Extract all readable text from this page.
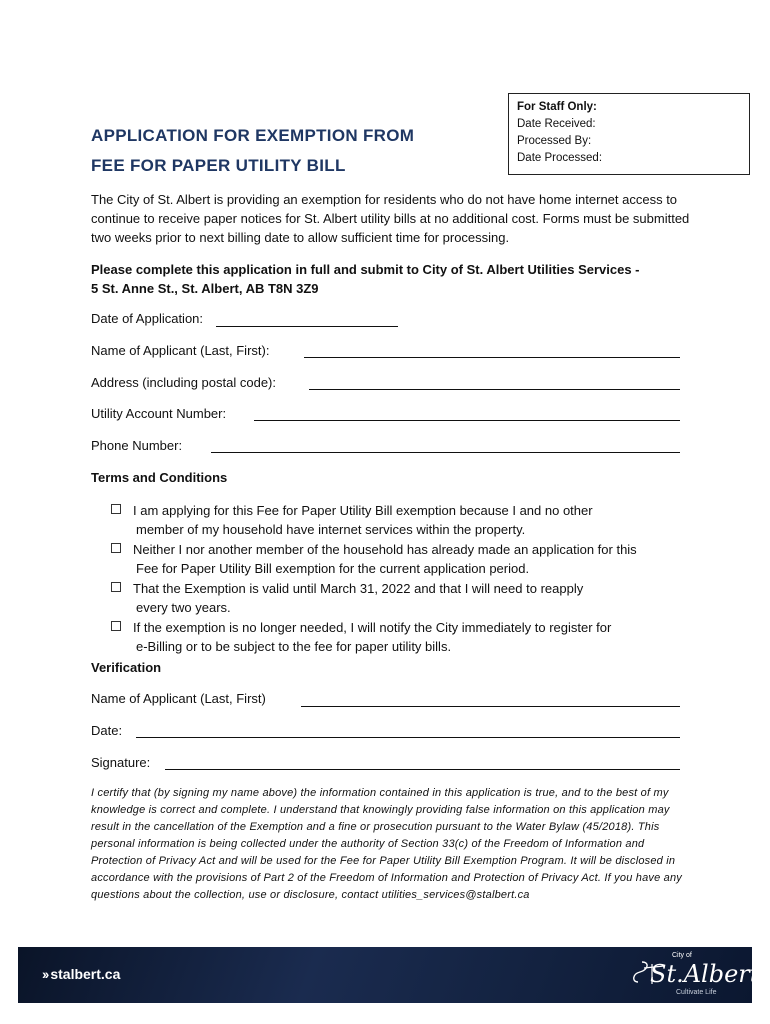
For Staff Only:
Date Received:
Processed By:
Date Processed:
APPLICATION FOR EXEMPTION FROM
FEE FOR PAPER UTILITY BILL
The City of St. Albert is providing an exemption for residents who do not have home internet access to continue to receive paper notices for St. Albert utility bills at no additional cost. Forms must be submitted two weeks prior to next billing date to allow sufficient time for processing.
Please complete this application in full and submit to City of St. Albert Utilities Services -
5 St. Anne St., St. Albert, AB T8N 3Z9
Date of Application:
Name of Applicant (Last, First):
Address (including postal code):
Utility Account Number:
Phone Number:
Terms and Conditions
I am applying for this Fee for Paper Utility Bill exemption because I and no other
member of my household have internet services within the property.
Neither I nor another member of the household has already made an application for this
Fee for Paper Utility Bill exemption for the current application period.
That the Exemption is valid until March 31, 2022 and that I will need to reapply
every two years.
If the exemption is no longer needed, I will notify the City immediately to register for
e-Billing or to be subject to the fee for paper utility bills.
Verification
Name of Applicant (Last, First)
Date:
Signature:
I certify that (by signing my name above) the information contained in this application is true, and to the best of my knowledge is correct and complete. I understand that knowingly providing false information on this application may result in the cancellation of the Exemption and a fine or prosecution pursuant to the Water Bylaw (45/2018). This personal information is being collected under the authority of Section 33(c) of the Freedom of Information and Protection of Privacy Act and will be used for the Fee for Paper Utility Bill Exemption Program. It will be disclosed in accordance with the provisions of Part 2 of the Freedom of Information and Protection of Privacy Act. If you have any questions about the collection, use or disclosure, contact utilities_services@stalbert.ca
›› stalbert.ca
City of
St.Albert
Cultivate Life
